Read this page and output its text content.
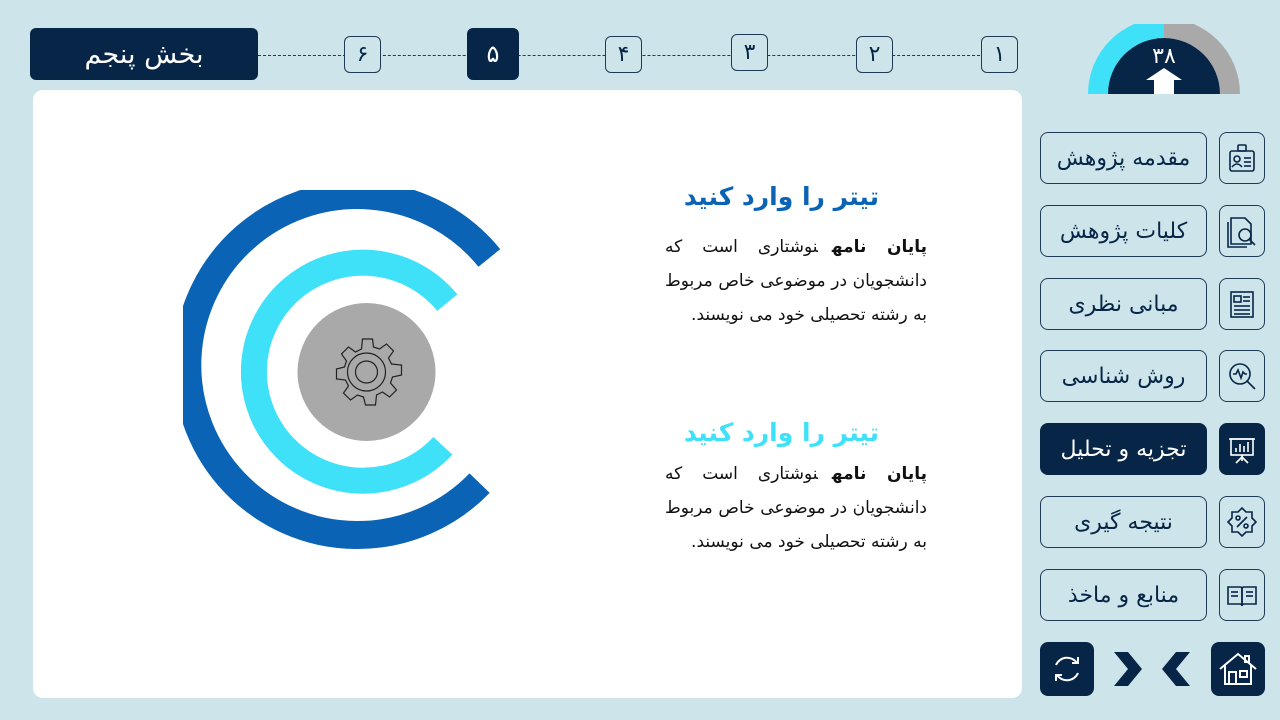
بخش پنجم	۱
۲
۳
۴
۵
۶	۳۸
تیتر را وارد کنید
پایان نامهنوشتاری است که دانشجویان در موضوعی خاص مربوط به رشته تحصیلی خود می نویسند.
تیتر را وارد کنید
پایان نامهنوشتاری است که دانشجویان در موضوعی خاص مربوط به رشته تحصیلی خود می نویسند.
مقدمه پژوهش
کلیات پژوهش
مبانی نظری
روش شناسی
تجزیه و تحلیل
نتیجه گیری
منابع و ماخذ
